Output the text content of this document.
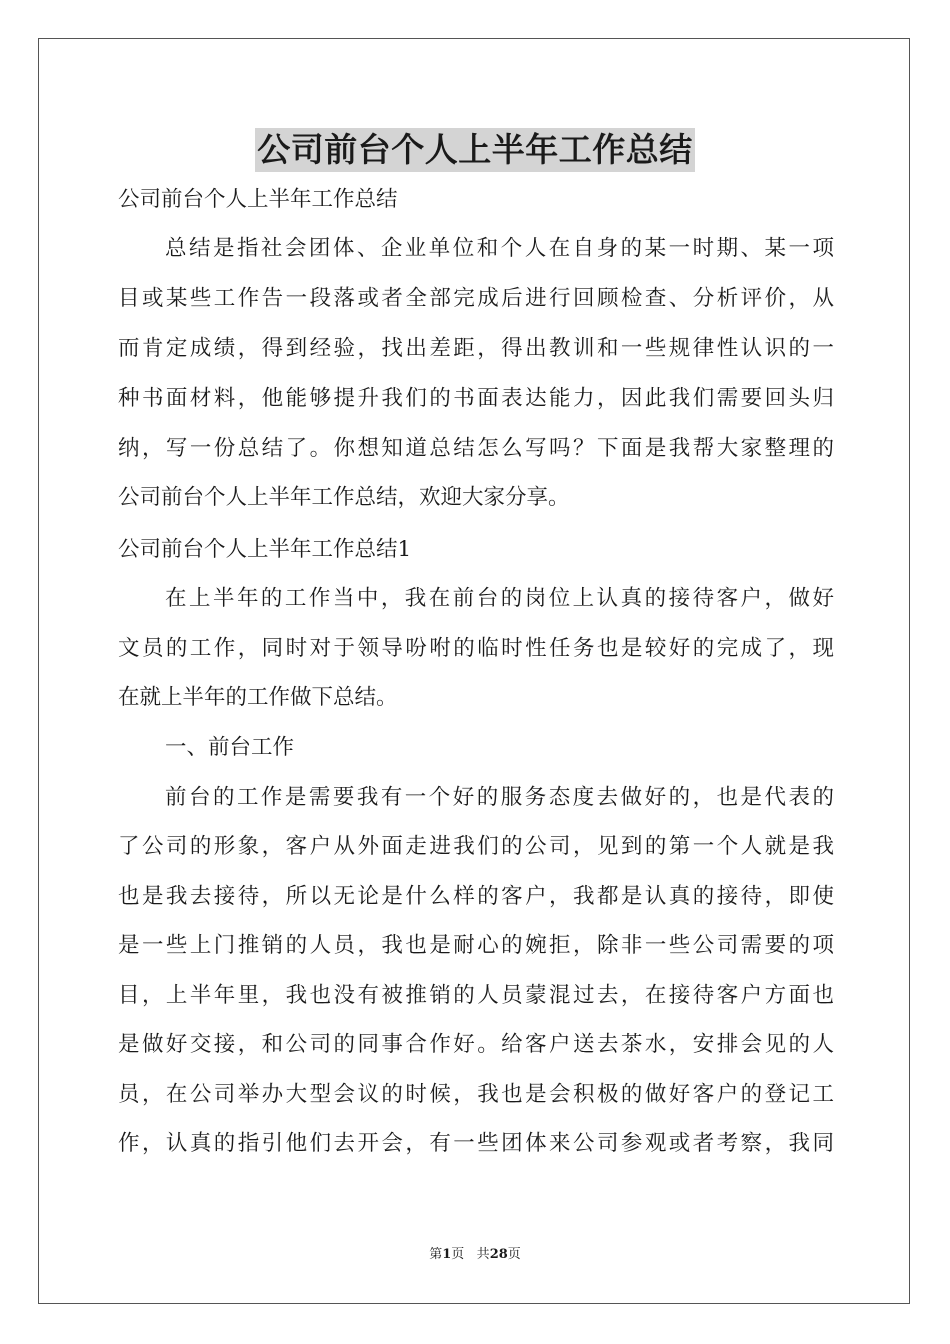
公司前台个人上半年工作总结
公司前台个人上半年工作总结
总结是指社会团体、企业单位和个人在自身的某一时期、某一项
目或某些工作告一段落或者全部完成后进行回顾检查、分析评价，从
而肯定成绩，得到经验，找出差距，得出教训和一些规律性认识的一
种书面材料，他能够提升我们的书面表达能力，因此我们需要回头归
纳，写一份总结了。你想知道总结怎么写吗？下面是我帮大家整理的
公司前台个人上半年工作总结，欢迎大家分享。
公司前台个人上半年工作总结1
在上半年的工作当中，我在前台的岗位上认真的接待客户，做好
文员的工作，同时对于领导吩咐的临时性任务也是较好的完成了，现
在就上半年的工作做下总结。
一、前台工作
前台的工作是需要我有一个好的服务态度去做好的，也是代表的
了公司的形象，客户从外面走进我们的公司，见到的第一个人就是我
也是我去接待，所以无论是什么样的客户，我都是认真的接待，即使
是一些上门推销的人员，我也是耐心的婉拒，除非一些公司需要的项
目，上半年里，我也没有被推销的人员蒙混过去，在接待客户方面也
是做好交接，和公司的同事合作好。给客户送去茶水，安排会见的人
员，在公司举办大型会议的时候，我也是会积极的做好客户的登记工
作，认真的指引他们去开会，有一些团体来公司参观或者考察，我同
第1页 共28页
